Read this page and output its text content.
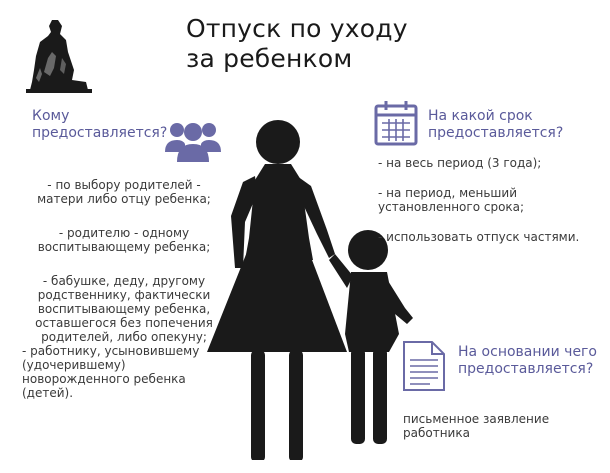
Отпуск по уходу
за ребенком
Кому
предоставляется?
- по выбору родителей -
матери либо отцу ребенка;
- родителю - одному
воспитывающему ребенка;
- бабушке, деду, другому
родственнику, фактически
воспитывающему ребенка,
оставшегося без попечения
родителей, либо опекуну;
- работнику, усыновившему
(удочерившему)
новорожденного ребенка
(детей).
На какой срок
предоставляется?
- на весь период (3 года);
- на период, меньший
установленного срока;
- использовать отпуск частями.
На основании чего
предоставляется?
письменное заявление
работника
